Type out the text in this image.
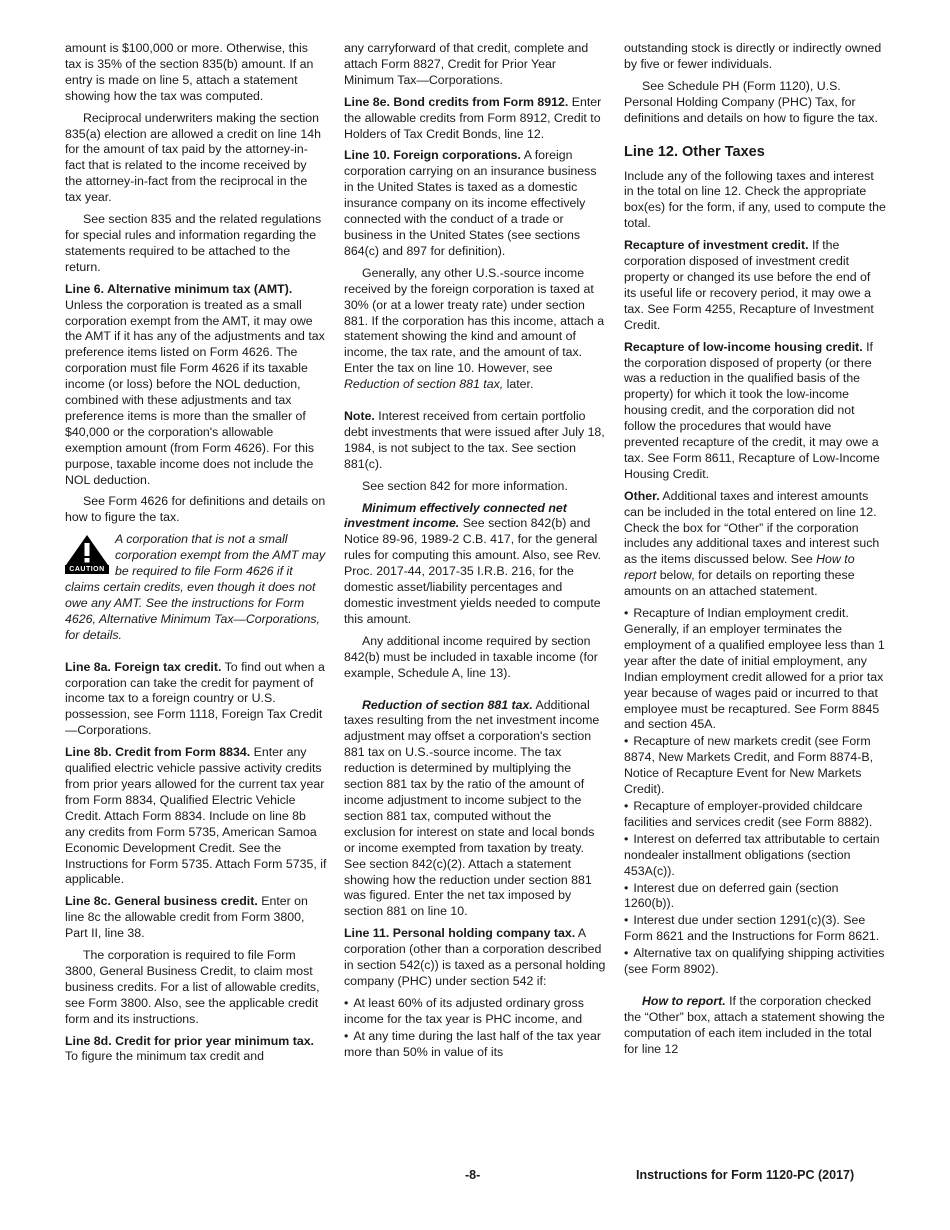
amount is $100,000 or more. Otherwise, this tax is 35% of the section 835(b) amount. If an entry is made on line 5, attach a statement showing how the tax was computed.

Reciprocal underwriters making the section 835(a) election are allowed a credit on line 14h for the amount of tax paid by the attorney-in-fact that is related to the income received by the attorney-in-fact from the reciprocal in the tax year.

See section 835 and the related regulations for special rules and information regarding the statements required to be attached to the return.

Line 6. Alternative minimum tax (AMT). Unless the corporation is treated as a small corporation exempt from the AMT, it may owe the AMT if it has any of the adjustments and tax preference items listed on Form 4626. The corporation must file Form 4626 if its taxable income (or loss) before the NOL deduction, combined with these adjustments and tax preference items is more than the smaller of $40,000 or the corporation's allowable exemption amount (from Form 4626). For this purpose, taxable income does not include the NOL deduction.

See Form 4626 for definitions and details on how to figure the tax.

CAUTION
A corporation that is not a small corporation exempt from the AMT may be required to file Form 4626 if it claims certain credits, even though it does not owe any AMT. See the instructions for Form 4626, Alternative Minimum Tax—Corporations, for details.

Line 8a. Foreign tax credit. To find out when a corporation can take the credit for payment of income tax to a foreign country or U.S. possession, see Form 1118, Foreign Tax Credit—Corporations.

Line 8b. Credit from Form 8834. Enter any qualified electric vehicle passive activity credits from prior years allowed for the current tax year from Form 8834, Qualified Electric Vehicle Credit. Attach Form 8834. Include on line 8b any credits from Form 5735, American Samoa Economic Development Credit. See the Instructions for Form 5735. Attach Form 5735, if applicable.

Line 8c. General business credit. Enter on line 8c the allowable credit from Form 3800, Part II, line 38.

The corporation is required to file Form 3800, General Business Credit, to claim most business credits. For a list of allowable credits, see Form 3800. Also, see the applicable credit form and its instructions.

Line 8d. Credit for prior year minimum tax. To figure the minimum tax credit and

any carryforward of that credit, complete and attach Form 8827, Credit for Prior Year Minimum Tax—Corporations.

Line 8e. Bond credits from Form 8912. Enter the allowable credits from Form 8912, Credit to Holders of Tax Credit Bonds, line 12.

Line 10. Foreign corporations. A foreign corporation carrying on an insurance business in the United States is taxed as a domestic insurance company on its income effectively connected with the conduct of a trade or business in the United States (see sections 864(c) and 897 for definition).

Generally, any other U.S.-source income received by the foreign corporation is taxed at 30% (or at a lower treaty rate) under section 881. If the corporation has this income, attach a statement showing the kind and amount of income, the tax rate, and the amount of tax. Enter the tax on line 10. However, see Reduction of section 881 tax, later.

Note. Interest received from certain portfolio debt investments that were issued after July 18, 1984, is not subject to the tax. See section 881(c).

See section 842 for more information.

Minimum effectively connected net investment income. See section 842(b) and Notice 89-96, 1989-2 C.B. 417, for the general rules for computing this amount. Also, see Rev. Proc. 2017-44, 2017-35 I.R.B. 216, for the domestic asset/liability percentages and domestic investment yields needed to compute this amount.

Any additional income required by section 842(b) must be included in taxable income (for example, Schedule A, line 13).

Reduction of section 881 tax. Additional taxes resulting from the net investment income adjustment may offset a corporation's section 881 tax on U.S.-source income. The tax reduction is determined by multiplying the section 881 tax by the ratio of the amount of income adjustment to income subject to the section 881 tax, computed without the exclusion for interest on state and local bonds or income exempted from taxation by treaty. See section 842(c)(2). Attach a statement showing how the reduction under section 881 was figured. Enter the net tax imposed by section 881 on line 10.

Line 11. Personal holding company tax. A corporation (other than a corporation described in section 542(c)) is taxed as a personal holding company (PHC) under section 542 if:

• At least 60% of its adjusted ordinary gross income for the tax year is PHC income, and
• At any time during the last half of the tax year more than 50% in value of its

outstanding stock is directly or indirectly owned by five or fewer individuals.

See Schedule PH (Form 1120), U.S. Personal Holding Company (PHC) Tax, for definitions and details on how to figure the tax.

Line 12. Other Taxes

Include any of the following taxes and interest in the total on line 12. Check the appropriate box(es) for the form, if any, used to compute the total.

Recapture of investment credit. If the corporation disposed of investment credit property or changed its use before the end of its useful life or recovery period, it may owe a tax. See Form 4255, Recapture of Investment Credit.

Recapture of low-income housing credit. If the corporation disposed of property (or there was a reduction in the qualified basis of the property) for which it took the low-income housing credit, and the corporation did not follow the procedures that would have prevented recapture of the credit, it may owe a tax. See Form 8611, Recapture of Low-Income Housing Credit.

Other. Additional taxes and interest amounts can be included in the total entered on line 12. Check the box for “Other” if the corporation includes any additional taxes and interest such as the items discussed below. See How to report below, for details on reporting these amounts on an attached statement.

• Recapture of Indian employment credit. Generally, if an employer terminates the employment of a qualified employee less than 1 year after the date of initial employment, any Indian employment credit allowed for a prior tax year because of wages paid or incurred to that employee must be recaptured. See Form 8845 and section 45A.
• Recapture of new markets credit (see Form 8874, New Markets Credit, and Form 8874-B, Notice of Recapture Event for New Markets Credit).
• Recapture of employer-provided childcare facilities and services credit (see Form 8882).
• Interest on deferred tax attributable to certain nondealer installment obligations (section 453A(c)).
• Interest due on deferred gain (section 1260(b)).
• Interest due under section 1291(c)(3). See Form 8621 and the Instructions for Form 8621.
• Alternative tax on qualifying shipping activities (see Form 8902).

How to report. If the corporation checked the “Other” box, attach a statement showing the computation of each item included in the total for line 12

-8-	Instructions for Form 1120-PC (2017)
